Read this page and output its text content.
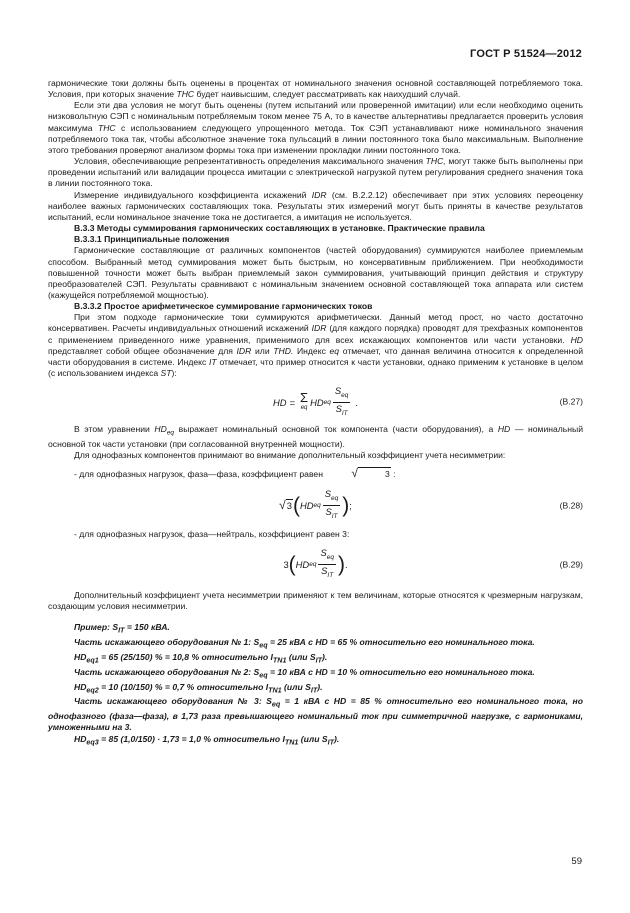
ГОСТ Р 51524—2012

гармонические токи должны быть оценены в процентах от номинального значения основной составляющей потребляемого тока. Условия, при которых значение THC будет наивысшим, следует рассматривать как наихудший случай.

Если эти два условия не могут быть оценены (путем испытаний или проверенной имитации) или если необходимо оценить низковольтную СЭП с номинальным потребляемым током менее 75 А, то в качестве альтернативы предлагается проверить условия максимума THC с использованием следующего упрощенного метода. Ток СЭП устанавливают ниже номинального значения потребляемого тока так, чтобы абсолютное значение тока пульсаций в линии постоянного тока было максимальным. Выполнение этого требования проверяют анализом формы тока при изменении прокладки линии постоянного тока.

Условия, обеспечивающие репрезентативность определения максимального значения THC, могут также быть выполнены при проведении испытаний или валидации процесса имитации с электрической нагрузкой путем регулирования среднего значения тока в линии постоянного тока.

Измерение индивидуального коэффициента искажений IDR (см. В.2.2.12) обеспечивает при этих условиях переоценку наиболее важных гармонических составляющих тока. Результаты этих измерений могут быть приняты в качестве результатов испытаний, если номинальное значение тока не достигается, а имитация не используется.

В.3.3 Методы суммирования гармонических составляющих в установке. Практические правила

В.3.3.1 Принципиальные положения

Гармонические составляющие от различных компонентов (частей оборудования) суммируются наиболее приемлемым способом. Выбранный метод суммирования может быть быстрым, но консервативным приближением. При необходимости повышенной точности может быть выбран приемлемый закон суммирования, учитывающий принцип действия и структуру преобразователей СЭП. Результаты сравнивают с номинальным значением основной составляющей тока аппарата или систем (кажущейся потребляемой мощностью).

В.3.3.2 Простое арифметическое суммирование гармонических токов

При этом подходе гармонические токи суммируются арифметически. Данный метод прост, но часто достаточно консервативен. Расчеты индивидуальных отношений искажений IDR (для каждого порядка) проводят для трехфазных компонентов с применением приведенного ниже уравнения, применимого для всех искажающих компонентов или части установки. HD представляет собой общее обозначение для IDR или THD. Индекс eq отмечает, что данная величина относится к определенной части оборудования в системе. Индекс IT отмечает, что пример относится к части установки, однако применим к установке в целом (с использованием индекса ST):

HD = Σ
eq
HD eq $\frac{S_{eq}}{S_{IT}}$ .	(В.27)

В этом уравнении $HD_{eq}$ выражает номинальный основной ток компонента (части оборудования), а HD — номинальный основной ток части установки (при согласованной внутренней мощности).

Для однофазных компонентов принимают во внимание дополнительный коэффициент учета несимметрии:

- для однофазных нагрузок, фаза—фаза, коэффициент равен	√	3 :

√ 3 ( HD eq $\frac{S_{eq}}{S_{IT}}$ ) ;	(В.28)

- для однофазных нагрузок, фаза—нейтраль, коэффициент равен 3:

3 ( HD eq $\frac{S_{eq}}{S_{IT}}$ ) .	(В.29)

Дополнительный коэффициент учета несимметрии применяют к тем величинам, которые относятся к чрезмерным нагрузкам, создающим условия несимметрии.

Пример: $S_{IT} = 150$ кВА.

Часть искажающего оборудования № 1: $S_{eq} = 25$ кВА с HD = 65 % относительно его номинального тока.

$HD_{eq1} = 65$ (25/150) % = 10,8 % относительно $I_{TN1}$ (или $S_{IT}$).

Часть искажающего оборудования № 2: $S_{eq} = 10$ кВА с HD = 10 % относительно его номинального тока.

$HD_{eq2} = 10$ (10/150) % = 0,7 % относительно $I_{TN1}$ (или $S_{IT}$).

Часть искажающего оборудования № 3: $S_{eq} = 1$ кВА с HD = 85 % относительно его номинального тока, но однофазного (фаза—фаза), в 1,73 раза превышающего номинальный ток при симметричной нагрузке, с гармониками, умноженными на 3.

$HD_{eq3} = 85$ (1,0/150) · 1,73 = 1,0 % относительно $I_{TN1}$ (или $S_{IT}$).

59
